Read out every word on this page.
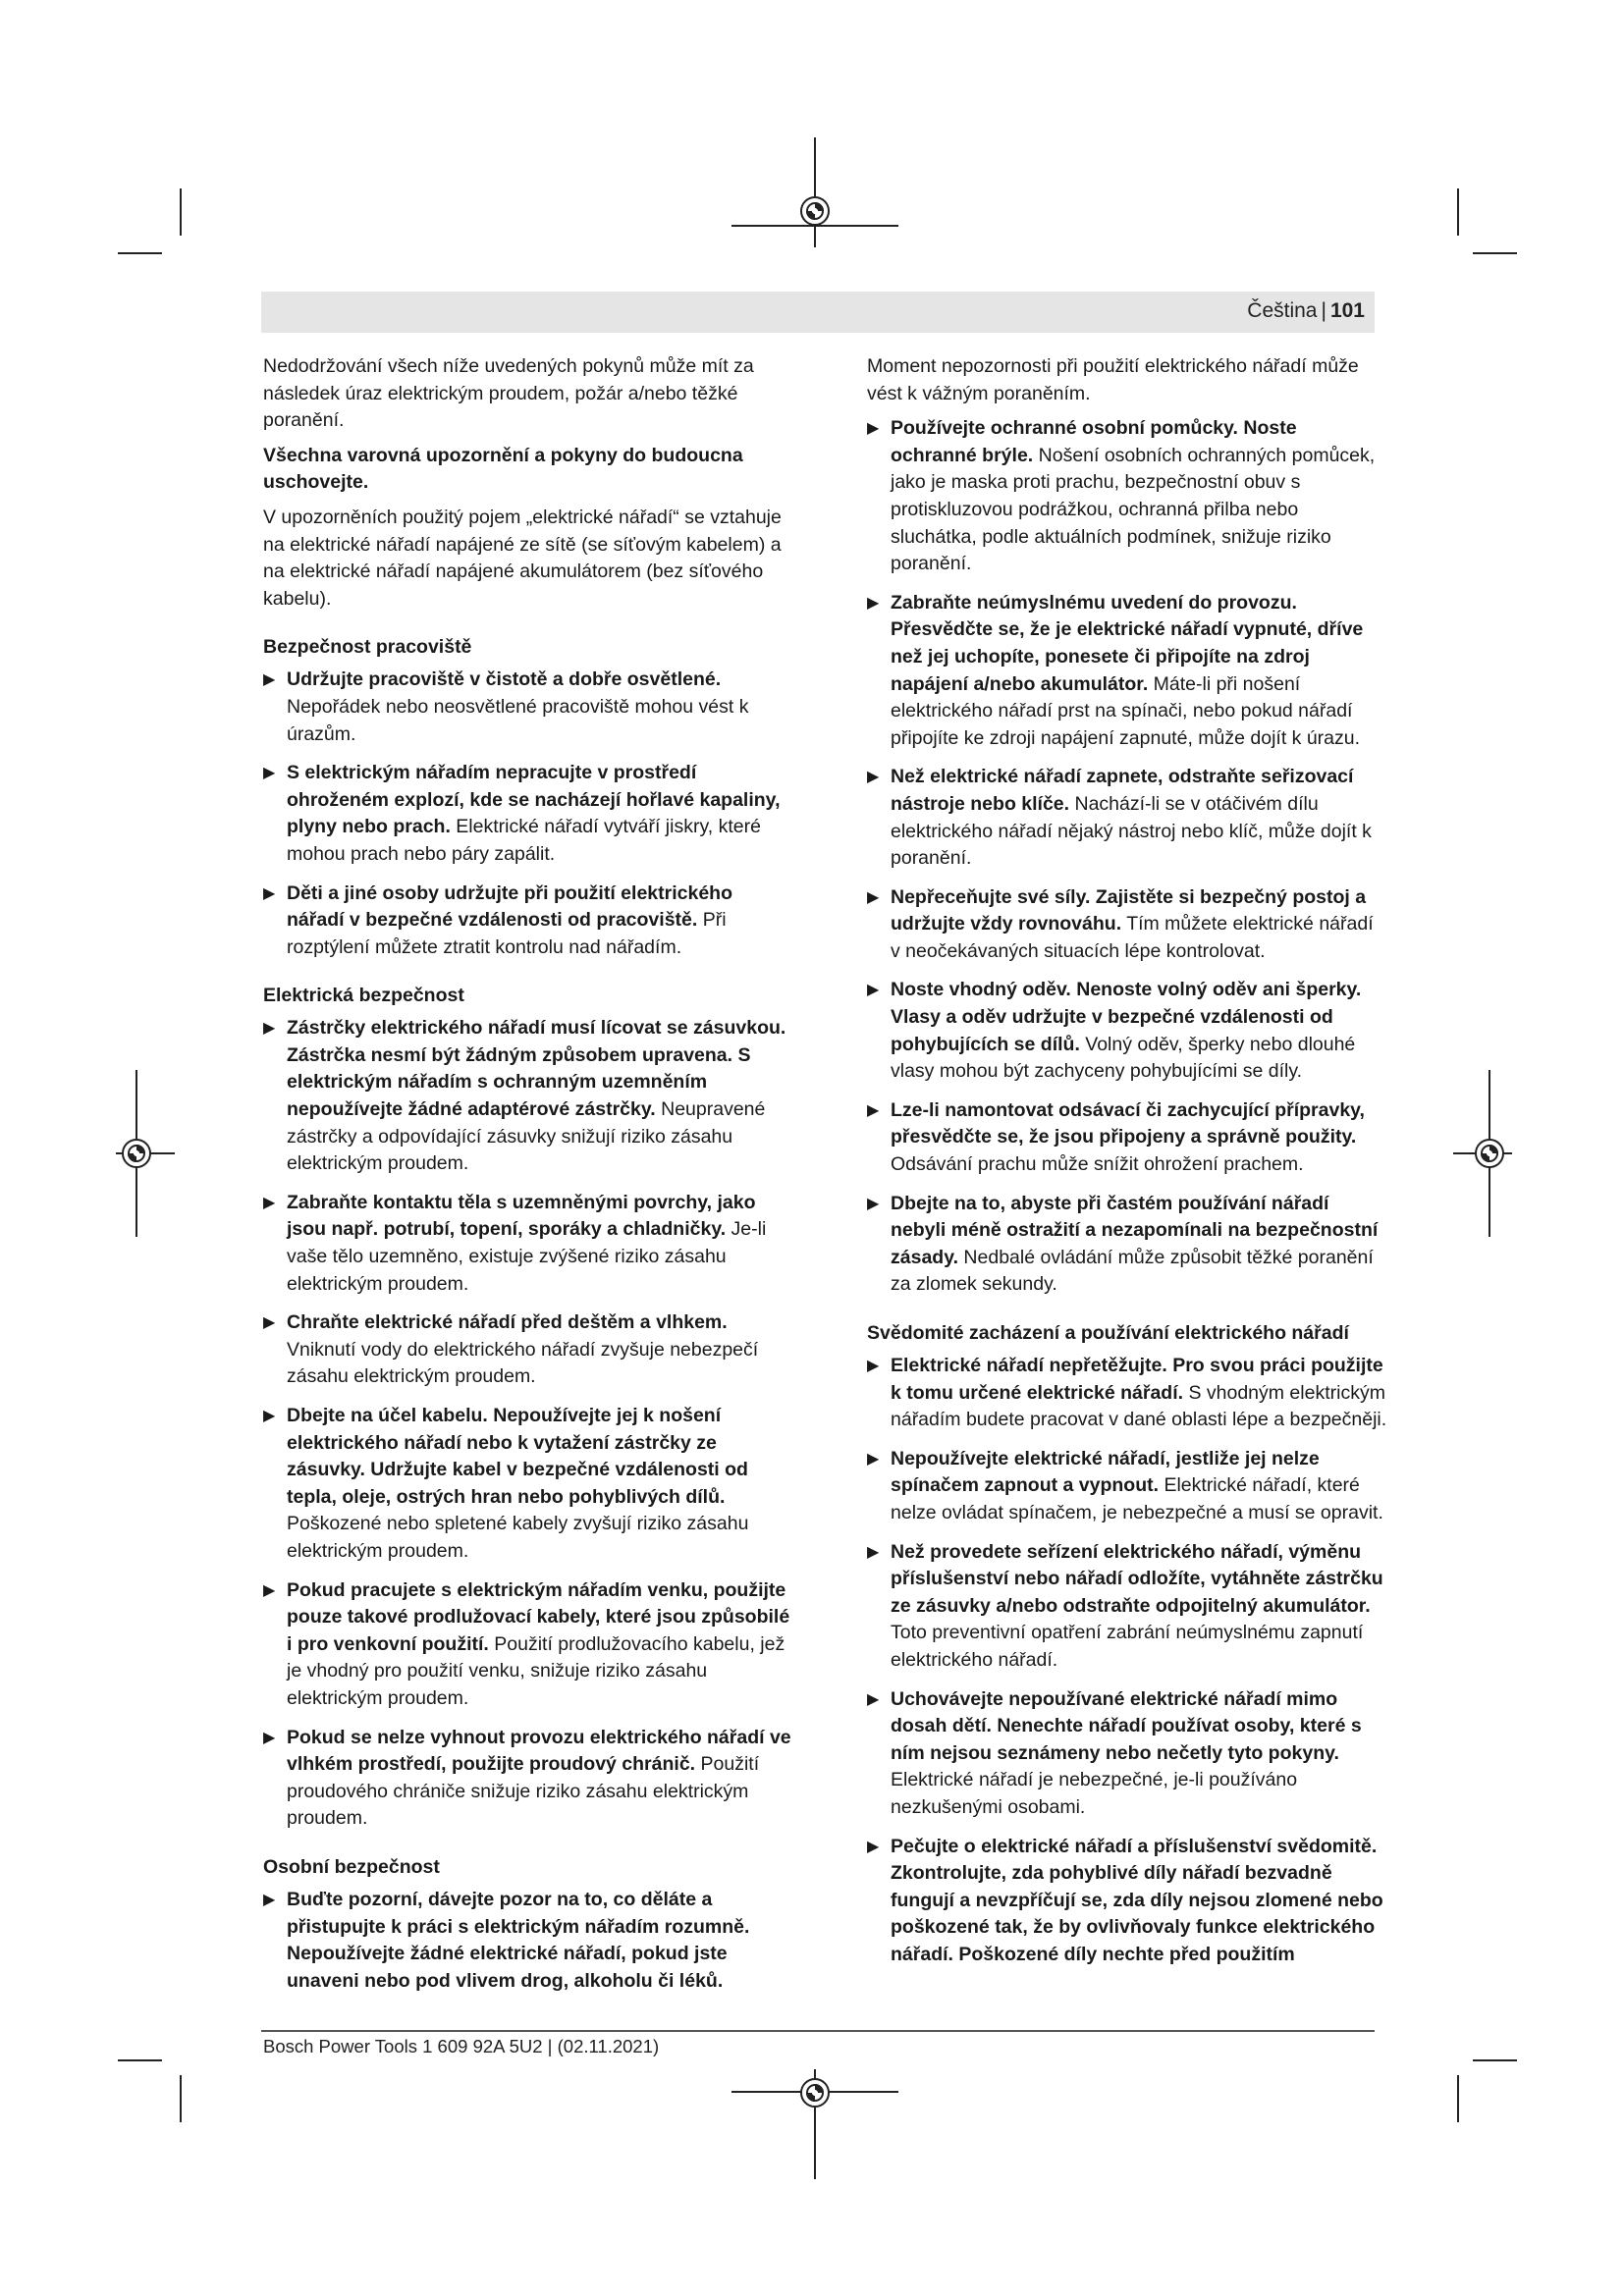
Čeština | 101

Nedodržování všech níže uvedených pokynů může mít za následek úraz elektrickým proudem, požár a/nebo těžké poranění.

Všechna varovná upozornění a pokyny do budoucna uschovejte.

V upozorněních použitý pojem „elektrické nářadí“ se vztahuje na elektrické nářadí napájené ze sítě (se síťovým kabelem) a na elektrické nářadí napájené akumulátorem (bez síťového kabelu).

Bezpečnost pracoviště
▶ Udržujte pracoviště v čistotě a dobře osvětlené. Nepořádek nebo neosvětlené pracoviště mohou vést k úrazům.
▶ S elektrickým nářadím nepracujte v prostředí ohroženém explozí, kde se nacházejí hořlavé kapaliny, plyny nebo prach. Elektrické nářadí vytváří jiskry, které mohou prach nebo páry zapálit.
▶ Děti a jiné osoby udržujte při použití elektrického nářadí v bezpečné vzdálenosti od pracoviště. Při rozptýlení můžete ztratit kontrolu nad nářadím.
Elektrická bezpečnost
▶ Zástrčky elektrického nářadí musí lícovat se zásuvkou. Zástrčka nesmí být žádným způsobem upravena. S elektrickým nářadím s ochranným uzemněním nepoužívejte žádné adaptérové zástrčky. Neupravené zástrčky a odpovídající zásuvky snižují riziko zásahu elektrickým proudem.
▶ Zabraňte kontaktu těla s uzemněnými povrchy, jako jsou např. potrubí, topení, sporáky a chladničky. Je-li vaše tělo uzemněno, existuje zvýšené riziko zásahu elektrickým proudem.
▶ Chraňte elektrické nářadí před deštěm a vlhkem. Vniknutí vody do elektrického nářadí zvyšuje nebezpečí zásahu elektrickým proudem.
▶ Dbejte na účel kabelu. Nepoužívejte jej k nošení elektrického nářadí nebo k vytažení zástrčky ze zásuvky. Udržujte kabel v bezpečné vzdálenosti od tepla, oleje, ostrých hran nebo pohyblivých dílů. Poškozené nebo spletené kabely zvyšují riziko zásahu elektrickým proudem.
▶ Pokud pracujete s elektrickým nářadím venku, použijte pouze takové prodlužovací kabely, které jsou způsobilé i pro venkovní použití. Použití prodlužovacího kabelu, jež je vhodný pro použití venku, snižuje riziko zásahu elektrickým proudem.
▶ Pokud se nelze vyhnout provozu elektrického nářadí ve vlhkém prostředí, použijte proudový chránič. Použití proudového chrániče snižuje riziko zásahu elektrickým proudem.
Osobní bezpečnost
▶ Buďte pozorní, dávejte pozor na to, co děláte a přistupujte k práci s elektrickým nářadím rozumně. Nepoužívejte žádné elektrické nářadí, pokud jste unaveni nebo pod vlivem drog, alkoholu či léků.

Moment nepozornosti při použití elektrického nářadí může vést k vážným poraněním.

▶ Používejte ochranné osobní pomůcky. Noste ochranné brýle. Nošení osobních ochranných pomůcek, jako je maska proti prachu, bezpečnostní obuv s protiskluzovou podrážkou, ochranná přilba nebo sluchátka, podle aktuálních podmínek, snižuje riziko poranění.
▶ Zabraňte neúmyslnému uvedení do provozu. Přesvědčte se, že je elektrické nářadí vypnuté, dříve než jej uchopíte, ponesete či připojíte na zdroj napájení a/nebo akumulátor. Máte-li při nošení elektrického nářadí prst na spínači, nebo pokud nářadí připojíte ke zdroji napájení zapnuté, může dojít k úrazu.
▶ Než elektrické nářadí zapnete, odstraňte seřizovací nástroje nebo klíče. Nachází-li se v otáčivém dílu elektrického nářadí nějaký nástroj nebo klíč, může dojít k poranění.
▶ Nepřeceňujte své síly. Zajistěte si bezpečný postoj a udržujte vždy rovnováhu. Tím můžete elektrické nářadí v neočekávaných situacích lépe kontrolovat.
▶ Noste vhodný oděv. Nenoste volný oděv ani šperky. Vlasy a oděv udržujte v bezpečné vzdálenosti od pohybujících se dílů. Volný oděv, šperky nebo dlouhé vlasy mohou být zachyceny pohybujícími se díly.
▶ Lze-li namontovat odsávací či zachycující přípravky, přesvědčte se, že jsou připojeny a správně použity. Odsávání prachu může snížit ohrožení prachem.
▶ Dbejte na to, abyste při častém používání nářadí nebyli méně ostražití a nezapomínali na bezpečnostní zásady. Nedbalé ovládání může způsobit těžké poranění za zlomek sekundy.
Svědomité zacházení a používání elektrického nářadí
▶ Elektrické nářadí nepřetěžujte. Pro svou práci použijte k tomu určené elektrické nářadí. S vhodným elektrickým nářadím budete pracovat v dané oblasti lépe a bezpečněji.
▶ Nepoužívejte elektrické nářadí, jestliže jej nelze spínačem zapnout a vypnout. Elektrické nářadí, které nelze ovládat spínačem, je nebezpečné a musí se opravit.
▶ Než provedete seřízení elektrického nářadí, výměnu příslušenství nebo nářadí odložíte, vytáhněte zástrčku ze zásuvky a/nebo odstraňte odpojitelný akumulátor. Toto preventivní opatření zabrání neúmyslnému zapnutí elektrického nářadí.
▶ Uchovávejte nepoužívané elektrické nářadí mimo dosah dětí. Nenechte nářadí používat osoby, které s ním nejsou seznámeny nebo nečetly tyto pokyny. Elektrické nářadí je nebezpečné, je-li používáno nezkušenými osobami.
▶ Pečujte o elektrické nářadí a příslušenství svědomitě. Zkontrolujte, zda pohyblivé díly nářadí bezvadně fungují a nevzpříčují se, zda díly nejsou zlomené nebo poškozené tak, že by ovlivňovaly funkce elektrického nářadí. Poškozené díly nechte před použitím
Bosch Power Tools 1 609 92A 5U2 | (02.11.2021)
